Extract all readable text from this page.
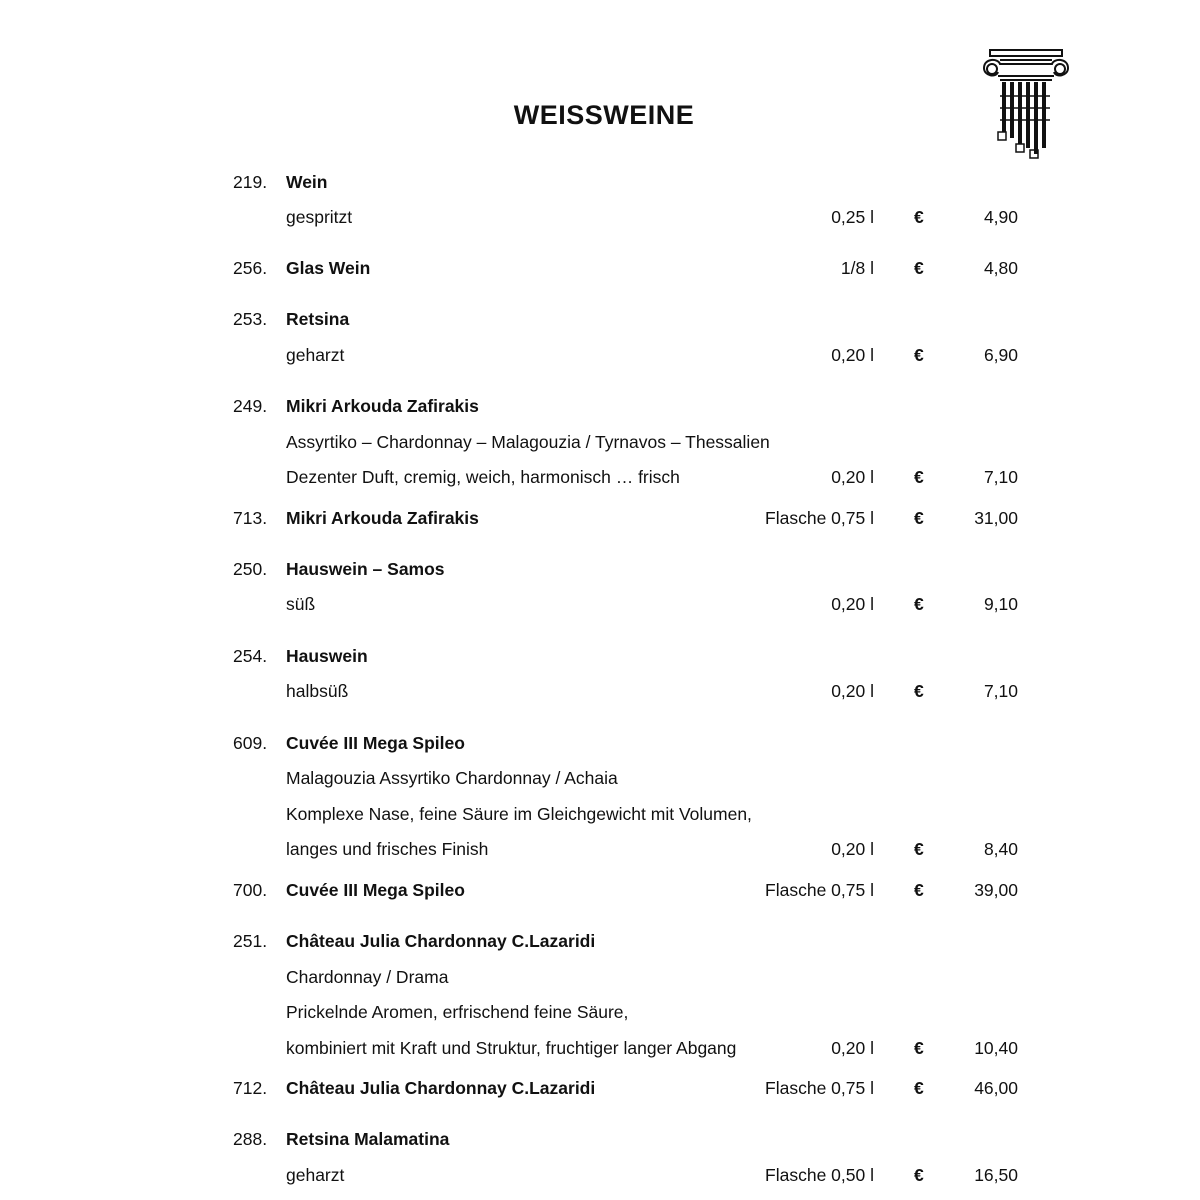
WEISSWEINE
219. Wein
gespritzt	0,25 l €	4,90
256. Glas Wein	1/8 l €	4,80
253. Retsina
geharzt	0,20 l €	6,90
249. Mikri Arkouda Zafirakis
Assyrtiko – Chardonnay – Malagouzia / Tyrnavos – Thessalien
Dezenter Duft, cremig, weich, harmonisch … frisch	0,20 l €	7,10
713. Mikri Arkouda Zafirakis	Flasche 0,75 l €	31,00
250. Hauswein – Samos
süß	0,20 l €	9,10
254. Hauswein
halbsüß	0,20 l €	7,10
609. Cuvée III Mega Spileo
Malagouzia Assyrtiko Chardonnay / Achaia
Komplexe Nase, feine Säure im Gleichgewicht mit Volumen,
langes und frisches Finish	0,20 l €	8,40
700. Cuvée III Mega Spileo	Flasche 0,75 l €	39,00
251. Château Julia Chardonnay C.Lazaridi
Chardonnay / Drama
Prickelnde Aromen, erfrischend feine Säure,
kombiniert mit Kraft und Struktur, fruchtiger langer Abgang	0,20 l €	10,40
712. Château Julia Chardonnay C.Lazaridi	Flasche 0,75 l €	46,00
288. Retsina Malamatina
geharzt	Flasche 0,50 l €	16,50
